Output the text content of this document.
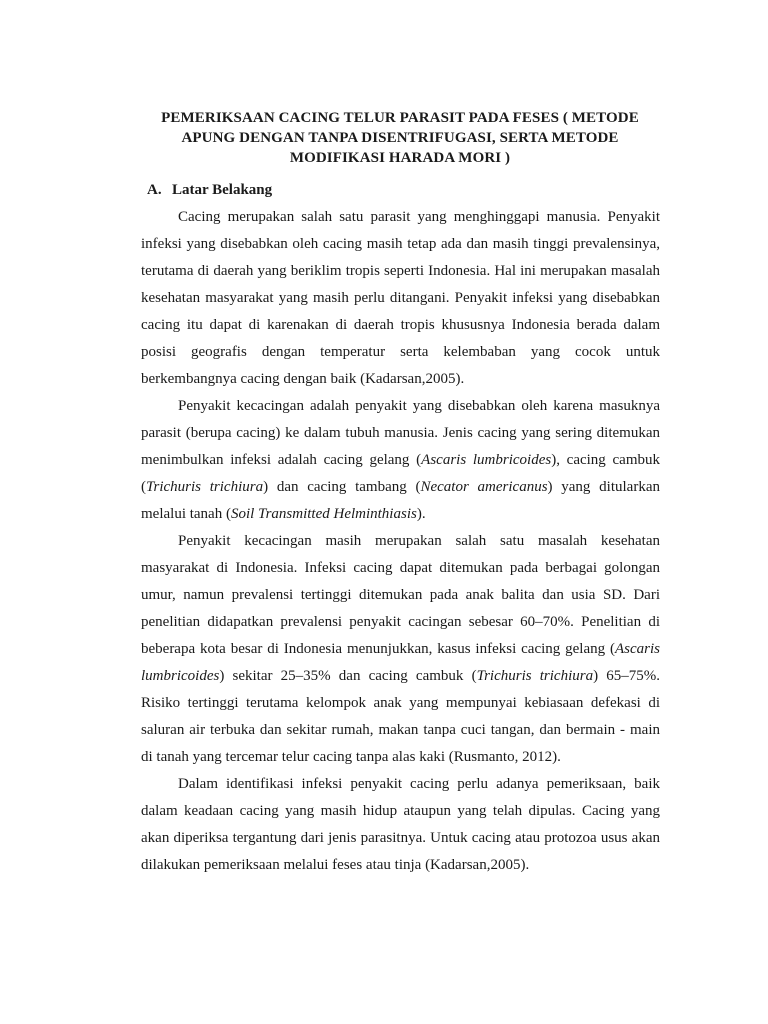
PEMERIKSAAN CACING TELUR PARASIT PADA FESES ( METODE
APUNG DENGAN TANPA DISENTRIFUGASI, SERTA METODE
MODIFIKASI HARADA MORI )
A. Latar Belakang
Cacing merupakan salah satu parasit yang menghinggapi manusia. Penyakit
infeksi yang disebabkan oleh cacing masih tetap ada dan masih tinggi prevalensinya,
terutama di daerah yang beriklim tropis seperti Indonesia. Hal ini merupakan masalah
kesehatan masyarakat yang masih perlu ditangani. Penyakit infeksi yang disebabkan
cacing itu dapat di karenakan di daerah tropis khususnya Indonesia berada dalam
posisi geografis dengan temperatur serta kelembaban yang cocok untuk
berkembangnya cacing dengan baik (Kadarsan,2005).
Penyakit kecacingan adalah penyakit yang disebabkan oleh karena masuknya
parasit (berupa cacing) ke dalam tubuh manusia. Jenis cacing yang sering ditemukan
menimbulkan infeksi adalah cacing gelang (Ascaris lumbricoides), cacing cambuk
(Trichuris trichiura) dan cacing tambang (Necator americanus) yang ditularkan
melalui tanah (Soil Transmitted Helminthiasis).
Penyakit kecacingan masih merupakan salah satu masalah kesehatan
masyarakat di Indonesia. Infeksi cacing dapat ditemukan pada berbagai golongan
umur, namun prevalensi tertinggi ditemukan pada anak balita dan usia SD. Dari
penelitian didapatkan prevalensi penyakit cacingan sebesar 60–70%. Penelitian di
beberapa kota besar di Indonesia menunjukkan, kasus infeksi cacing gelang (Ascaris
lumbricoides) sekitar 25–35% dan cacing cambuk (Trichuris trichiura) 65–75%.
Risiko tertinggi terutama kelompok anak yang mempunyai kebiasaan defekasi di
saluran air terbuka dan sekitar rumah, makan tanpa cuci tangan, dan bermain - main
di tanah yang tercemar telur cacing tanpa alas kaki (Rusmanto, 2012).
Dalam identifikasi infeksi penyakit cacing perlu adanya pemeriksaan, baik
dalam keadaan cacing yang masih hidup ataupun yang telah dipulas. Cacing yang
akan diperiksa tergantung dari jenis parasitnya. Untuk cacing atau protozoa usus akan
dilakukan pemeriksaan melalui feses atau tinja (Kadarsan,2005).
